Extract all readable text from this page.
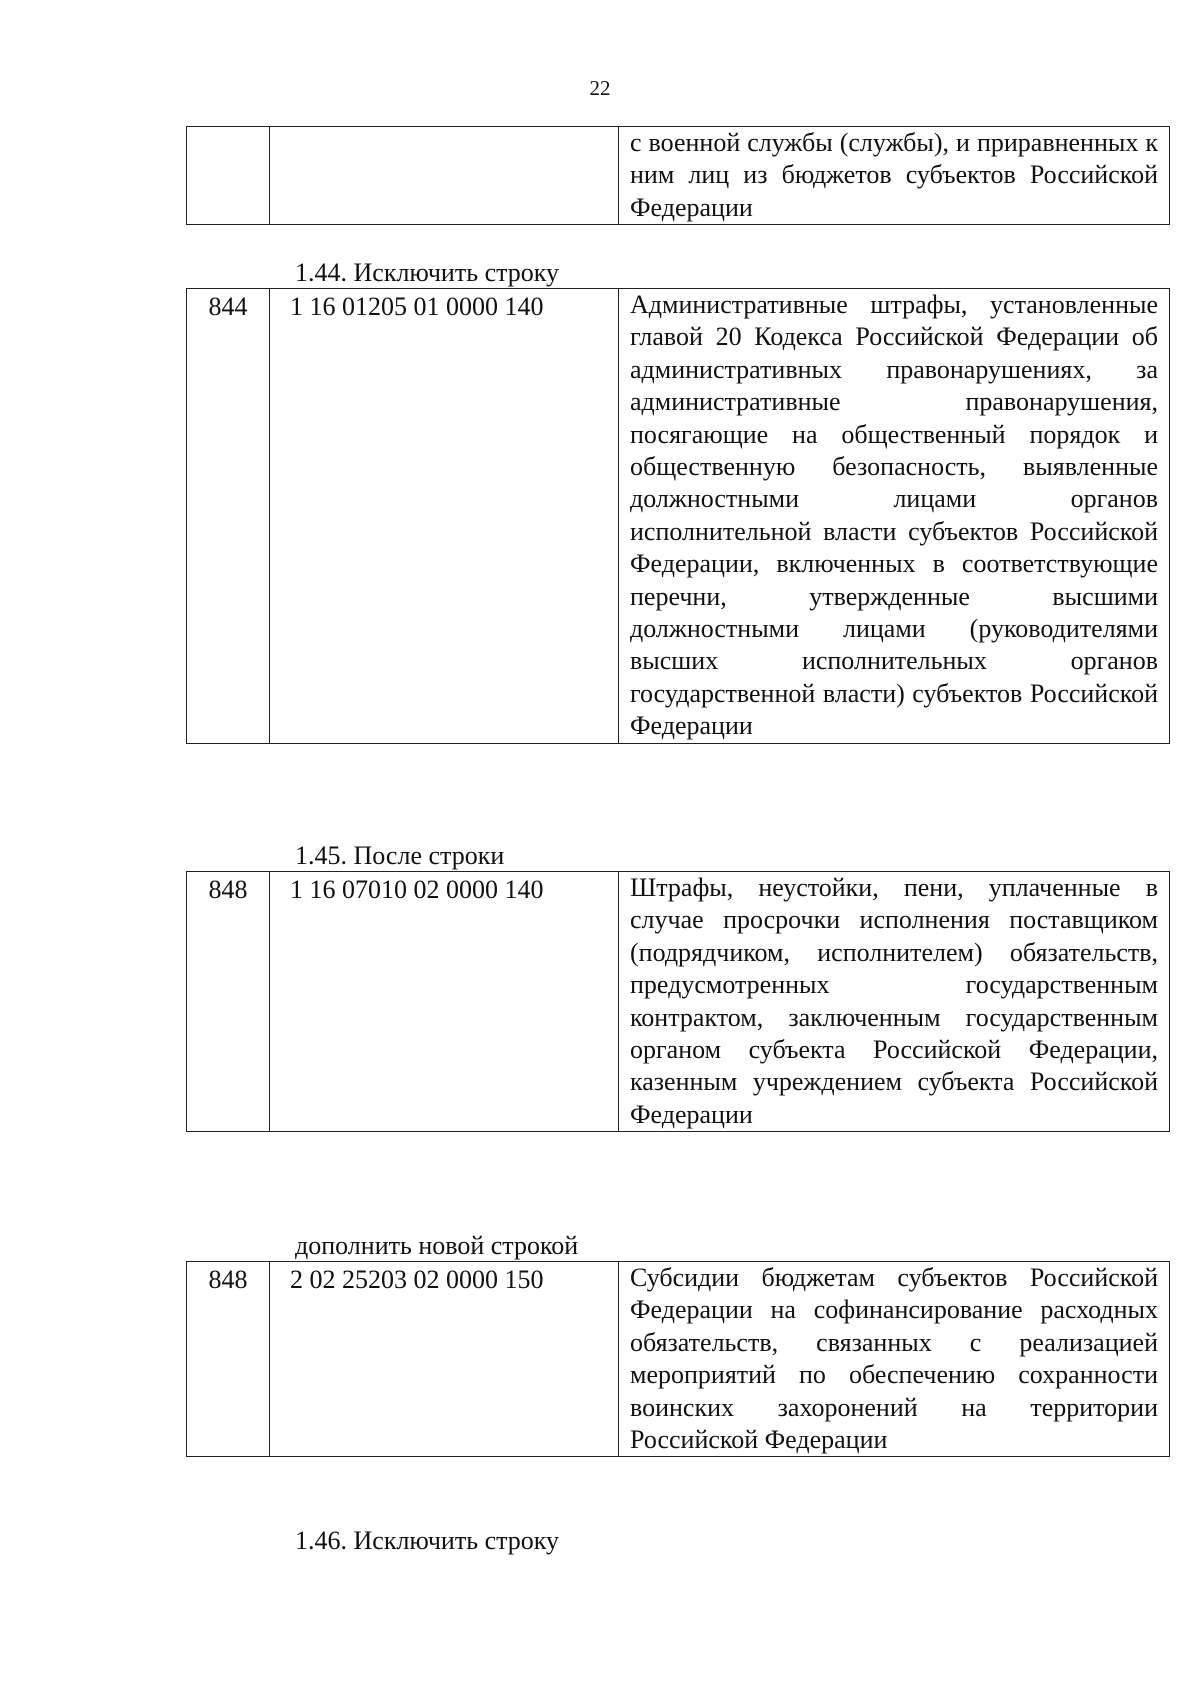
22
		с военной службы (службы), и приравненных к ним лиц из бюджетов субъектов Российской Федерации
1.44. Исключить строку
844	1 16 01205 01 0000 140	Административные штрафы, установленные главой 20 Кодекса Российской Федерации об административных правонарушениях, за административные правонарушения, посягающие на общественный порядок и общественную безопасность, выявленные должностными лицами органов исполнительной власти субъектов Российской Федерации, включенных в соответствующие перечни, утвержденные высшими должностными лицами (руководителями высших исполнительных органов государственной власти) субъектов Российской Федерации
1.45. После строки
848	1 16 07010 02 0000 140	Штрафы, неустойки, пени, уплаченные в случае просрочки исполнения поставщиком (подрядчиком, исполнителем) обязательств, предусмотренных государственным контрактом, заключенным государственным органом субъекта Российской Федерации, казенным учреждением субъекта Российской Федерации
дополнить новой строкой
848	2 02 25203 02 0000 150	Субсидии бюджетам субъектов Российской Федерации на софинансирование расходных обязательств, связанных с реализацией мероприятий по обеспечению сохранности воинских захоронений на территории Российской Федерации
1.46. Исключить строку
